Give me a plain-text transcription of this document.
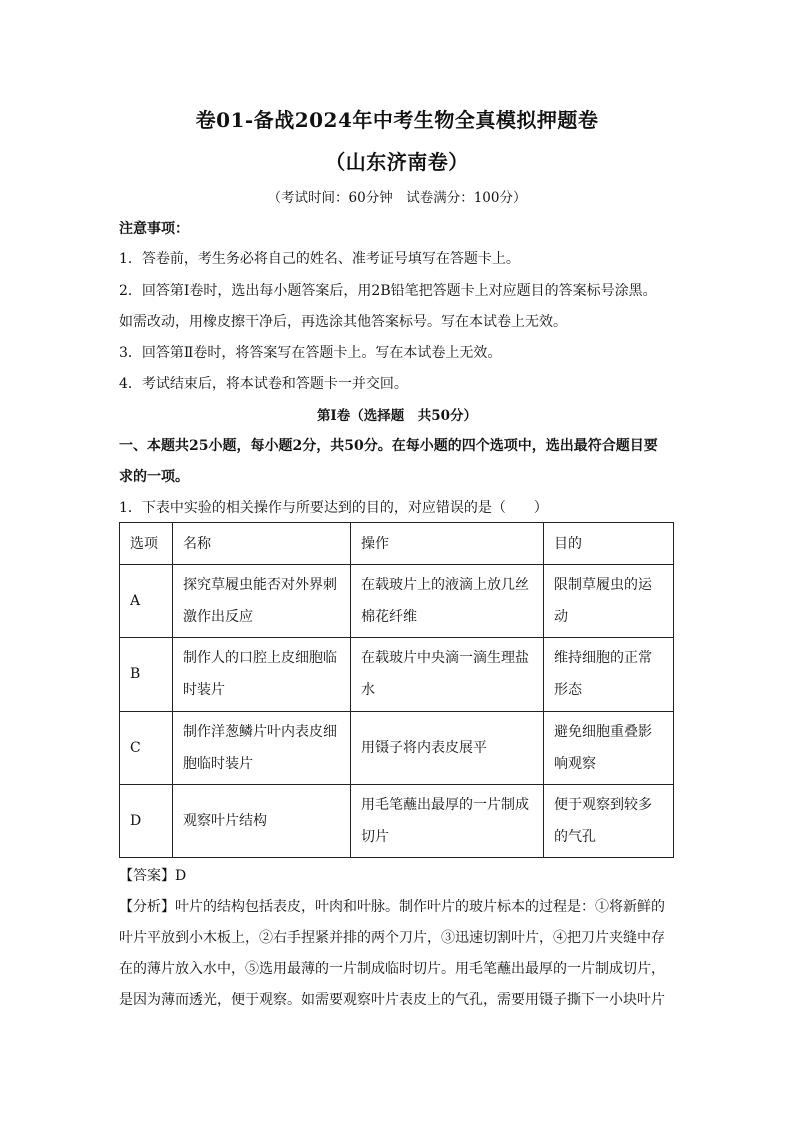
卷01-备战2024年中考生物全真模拟押题卷
（山东济南卷）
（考试时间：60分钟　试卷满分：100分）
注意事项：
1．答卷前，考生务必将自己的姓名、准考证号填写在答题卡上。
2．回答第Ⅰ卷时，选出每小题答案后，用2B铅笔把答题卡上对应题目的答案标号涂黑。
如需改动，用橡皮擦干净后，再选涂其他答案标号。写在本试卷上无效。
3．回答第Ⅱ卷时，将答案写在答题卡上。写在本试卷上无效。
4．考试结束后，将本试卷和答题卡一并交回。
第Ⅰ卷（选择题　共50分）
一、本题共25小题，每小题2分，共50分。在每小题的四个选项中，选出最符合题目要
求的一项。
1．下表中实验的相关操作与所要达到的目的，对应错误的是（　　）
选项	名称	操作	目的
A	探究草履虫能否对外界刺
激作出反应	在载玻片上的液滴上放几丝
棉花纤维	限制草履虫的运
动

B	制作人的口腔上皮细胞临
时装片	在载玻片中央滴一滴生理盐
水	维持细胞的正常
形态

C	制作洋葱鳞片叶内表皮细
胞临时装片	用镊子将内表皮展平	避免细胞重叠影
响观察

D	观察叶片结构	用毛笔蘸出最厚的一片制成
切片	便于观察到较多
的气孔
【答案】D
【分析】叶片的结构包括表皮，叶肉和叶脉。制作叶片的玻片标本的过程是：①将新鲜的
叶片平放到小木板上，②右手捏紧并排的两个刀片，③迅速切割叶片，④把刀片夹缝中存
在的薄片放入水中，⑤选用最薄的一片制成临时切片。用毛笔蘸出最厚的一片制成切片，
是因为薄而透光，便于观察。如需要观察叶片表皮上的气孔，需要用镊子撕下一小块叶片
